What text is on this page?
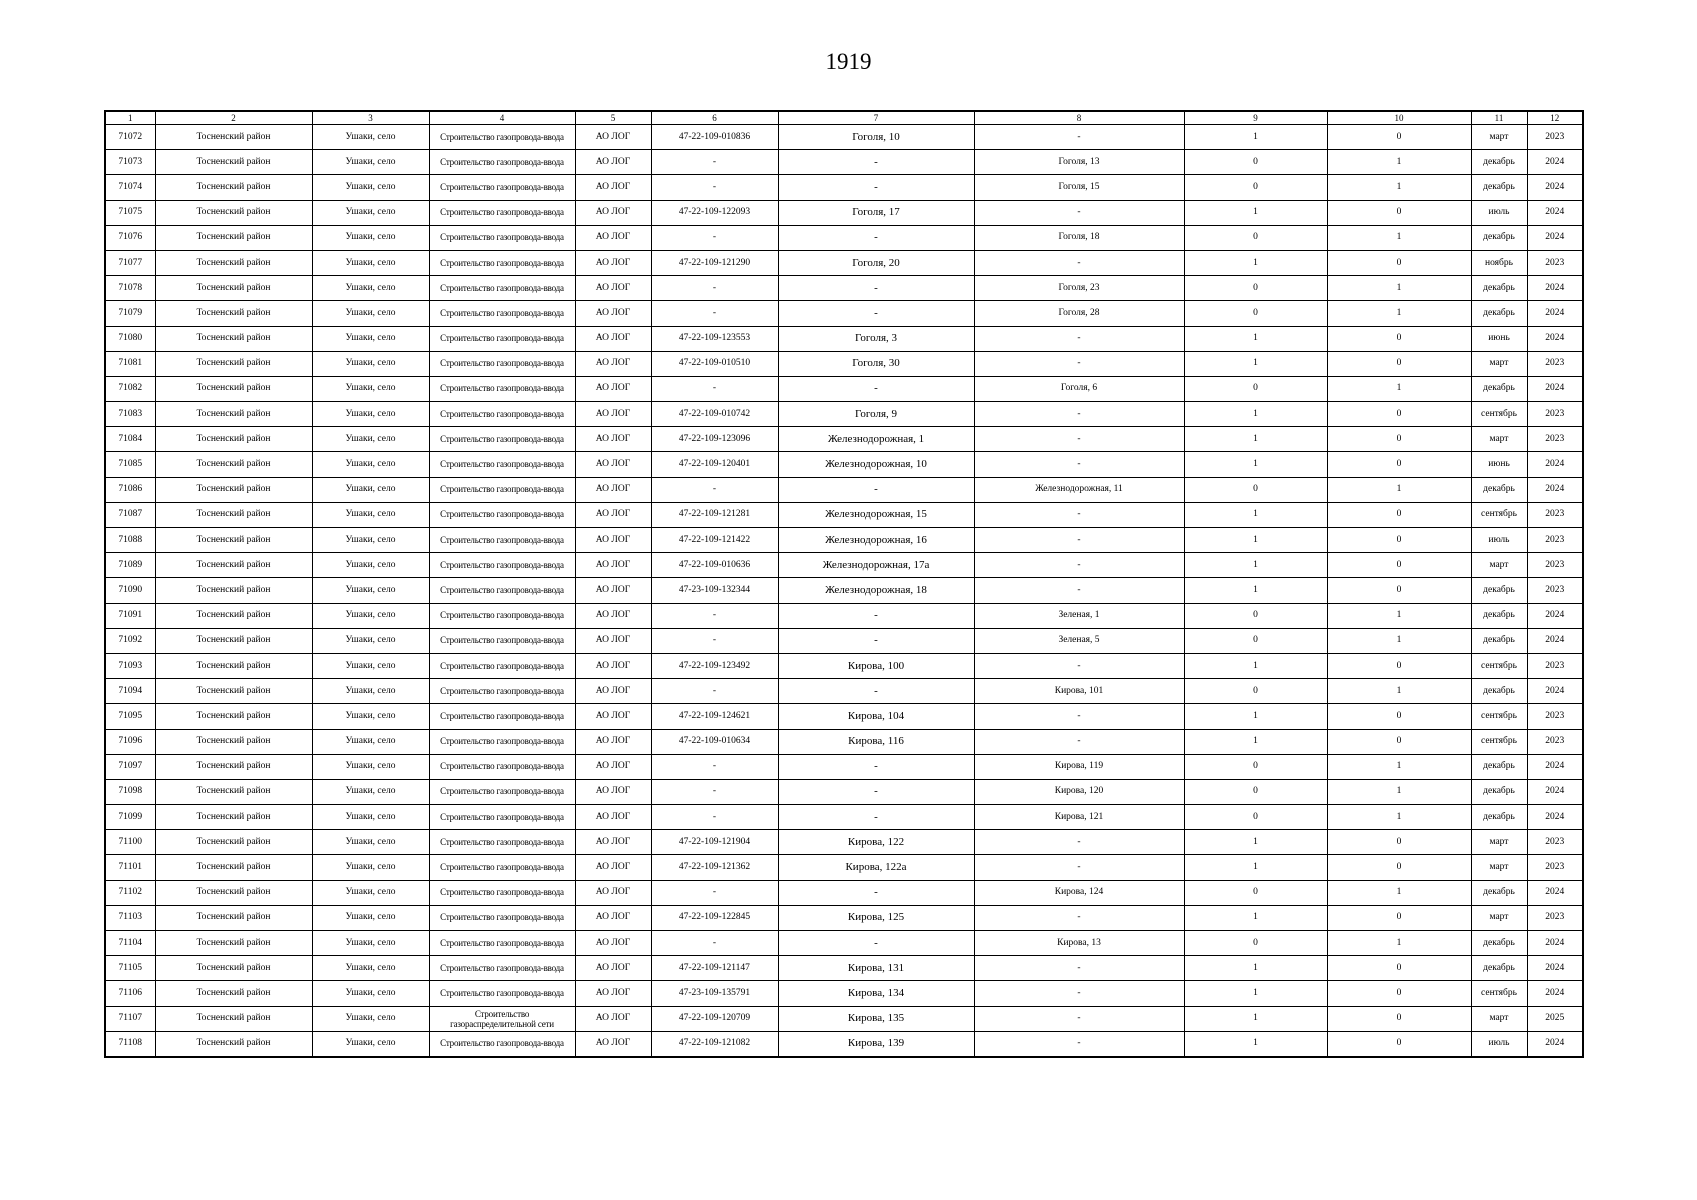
1919
1	2	3	4	5	6	7	8	9	10	11	12
71072	Тосненский район	Ушаки, село	Строительство газопровода-ввода	АО ЛОГ	47-22-109-010836	Гоголя, 10	-	1	0	март	2023
71073	Тосненский район	Ушаки, село	Строительство газопровода-ввода	АО ЛОГ	-	-	Гоголя, 13	0	1	декабрь	2024
71074	Тосненский район	Ушаки, село	Строительство газопровода-ввода	АО ЛОГ	-	-	Гоголя, 15	0	1	декабрь	2024
71075	Тосненский район	Ушаки, село	Строительство газопровода-ввода	АО ЛОГ	47-22-109-122093	Гоголя, 17	-	1	0	июль	2024
71076	Тосненский район	Ушаки, село	Строительство газопровода-ввода	АО ЛОГ	-	-	Гоголя, 18	0	1	декабрь	2024
71077	Тосненский район	Ушаки, село	Строительство газопровода-ввода	АО ЛОГ	47-22-109-121290	Гоголя, 20	-	1	0	ноябрь	2023
71078	Тосненский район	Ушаки, село	Строительство газопровода-ввода	АО ЛОГ	-	-	Гоголя, 23	0	1	декабрь	2024
71079	Тосненский район	Ушаки, село	Строительство газопровода-ввода	АО ЛОГ	-	-	Гоголя, 28	0	1	декабрь	2024
71080	Тосненский район	Ушаки, село	Строительство газопровода-ввода	АО ЛОГ	47-22-109-123553	Гоголя, 3	-	1	0	июнь	2024
71081	Тосненский район	Ушаки, село	Строительство газопровода-ввода	АО ЛОГ	47-22-109-010510	Гоголя, 30	-	1	0	март	2023
71082	Тосненский район	Ушаки, село	Строительство газопровода-ввода	АО ЛОГ	-	-	Гоголя, 6	0	1	декабрь	2024
71083	Тосненский район	Ушаки, село	Строительство газопровода-ввода	АО ЛОГ	47-22-109-010742	Гоголя, 9	-	1	0	сентябрь	2023
71084	Тосненский район	Ушаки, село	Строительство газопровода-ввода	АО ЛОГ	47-22-109-123096	Железнодорожная, 1	-	1	0	март	2023
71085	Тосненский район	Ушаки, село	Строительство газопровода-ввода	АО ЛОГ	47-22-109-120401	Железнодорожная, 10	-	1	0	июнь	2024
71086	Тосненский район	Ушаки, село	Строительство газопровода-ввода	АО ЛОГ	-	-	Железнодорожная, 11	0	1	декабрь	2024
71087	Тосненский район	Ушаки, село	Строительство газопровода-ввода	АО ЛОГ	47-22-109-121281	Железнодорожная, 15	-	1	0	сентябрь	2023
71088	Тосненский район	Ушаки, село	Строительство газопровода-ввода	АО ЛОГ	47-22-109-121422	Железнодорожная, 16	-	1	0	июль	2023
71089	Тосненский район	Ушаки, село	Строительство газопровода-ввода	АО ЛОГ	47-22-109-010636	Железнодорожная, 17а	-	1	0	март	2023
71090	Тосненский район	Ушаки, село	Строительство газопровода-ввода	АО ЛОГ	47-23-109-132344	Железнодорожная, 18	-	1	0	декабрь	2023
71091	Тосненский район	Ушаки, село	Строительство газопровода-ввода	АО ЛОГ	-	-	Зеленая, 1	0	1	декабрь	2024
71092	Тосненский район	Ушаки, село	Строительство газопровода-ввода	АО ЛОГ	-	-	Зеленая, 5	0	1	декабрь	2024
71093	Тосненский район	Ушаки, село	Строительство газопровода-ввода	АО ЛОГ	47-22-109-123492	Кирова, 100	-	1	0	сентябрь	2023
71094	Тосненский район	Ушаки, село	Строительство газопровода-ввода	АО ЛОГ	-	-	Кирова, 101	0	1	декабрь	2024
71095	Тосненский район	Ушаки, село	Строительство газопровода-ввода	АО ЛОГ	47-22-109-124621	Кирова, 104	-	1	0	сентябрь	2023
71096	Тосненский район	Ушаки, село	Строительство газопровода-ввода	АО ЛОГ	47-22-109-010634	Кирова, 116	-	1	0	сентябрь	2023
71097	Тосненский район	Ушаки, село	Строительство газопровода-ввода	АО ЛОГ	-	-	Кирова, 119	0	1	декабрь	2024
71098	Тосненский район	Ушаки, село	Строительство газопровода-ввода	АО ЛОГ	-	-	Кирова, 120	0	1	декабрь	2024
71099	Тосненский район	Ушаки, село	Строительство газопровода-ввода	АО ЛОГ	-	-	Кирова, 121	0	1	декабрь	2024
71100	Тосненский район	Ушаки, село	Строительство газопровода-ввода	АО ЛОГ	47-22-109-121904	Кирова, 122	-	1	0	март	2023
71101	Тосненский район	Ушаки, село	Строительство газопровода-ввода	АО ЛОГ	47-22-109-121362	Кирова, 122а	-	1	0	март	2023
71102	Тосненский район	Ушаки, село	Строительство газопровода-ввода	АО ЛОГ	-	-	Кирова, 124	0	1	декабрь	2024
71103	Тосненский район	Ушаки, село	Строительство газопровода-ввода	АО ЛОГ	47-22-109-122845	Кирова, 125	-	1	0	март	2023
71104	Тосненский район	Ушаки, село	Строительство газопровода-ввода	АО ЛОГ	-	-	Кирова, 13	0	1	декабрь	2024
71105	Тосненский район	Ушаки, село	Строительство газопровода-ввода	АО ЛОГ	47-22-109-121147	Кирова, 131	-	1	0	декабрь	2024
71106	Тосненский район	Ушаки, село	Строительство газопровода-ввода	АО ЛОГ	47-23-109-135791	Кирова, 134	-	1	0	сентябрь	2024
71107	Тосненский район	Ушаки, село	Строительство газораспределительной сети	АО ЛОГ	47-22-109-120709	Кирова, 135	-	1	0	март	2025
71108	Тосненский район	Ушаки, село	Строительство газопровода-ввода	АО ЛОГ	47-22-109-121082	Кирова, 139	-	1	0	июль	2024
